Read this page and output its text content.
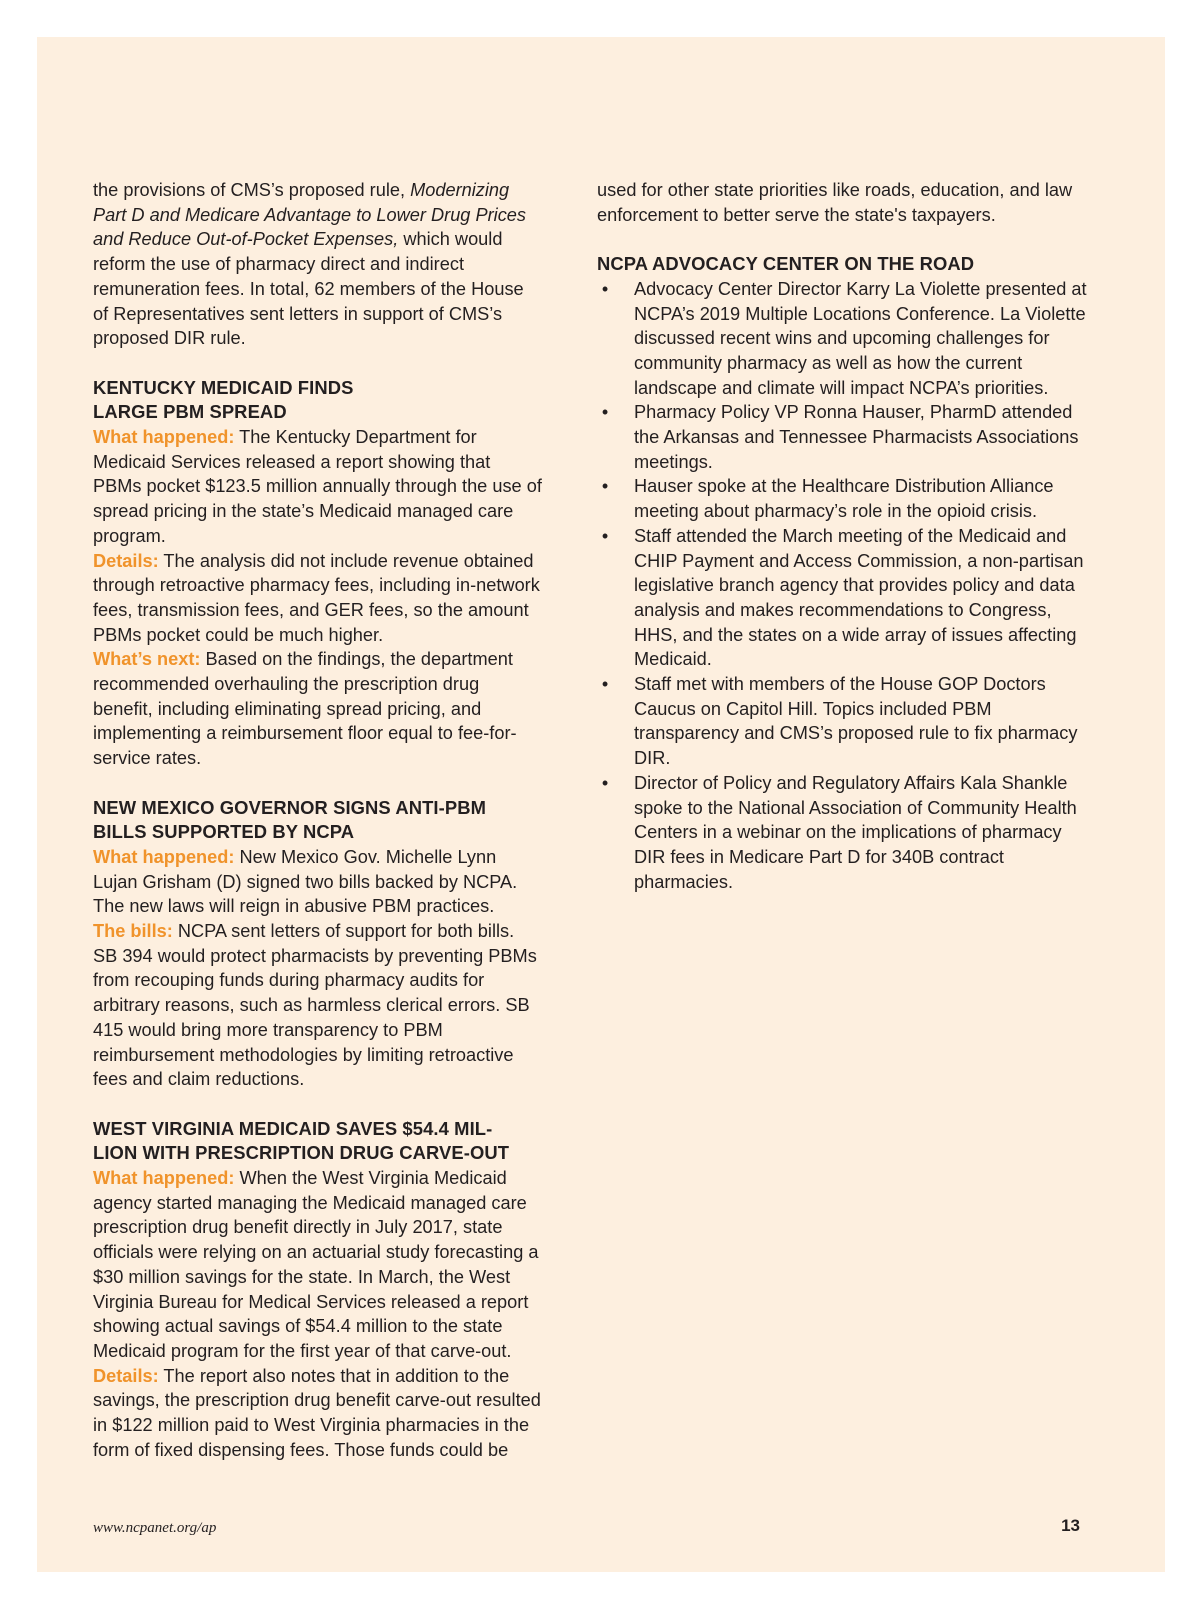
the provisions of CMS’s proposed rule, Modernizing Part D and Medicare Advantage to Lower Drug Prices and Reduce Out-of-Pocket Expenses, which would reform the use of pharmacy direct and indirect remuneration fees. In total, 62 members of the House of Representatives sent letters in support of CMS’s proposed DIR rule.

KENTUCKY MEDICAID FINDS
LARGE PBM SPREAD

What happened: The Kentucky Department for Medicaid Services released a report showing that PBMs pocket $123.5 million annually through the use of spread pricing in the state’s Medicaid managed care program.

Details: The analysis did not include revenue obtained through retroactive pharmacy fees, including in-network fees, transmission fees, and GER fees, so the amount PBMs pocket could be much higher.

What’s next: Based on the findings, the department recommended overhauling the prescription drug benefit, including eliminating spread pricing, and implementing a reimbursement floor equal to fee-for-service rates.

NEW MEXICO GOVERNOR SIGNS ANTI-PBM
BILLS SUPPORTED BY NCPA

What happened: New Mexico Gov. Michelle Lynn Lujan Grisham (D) signed two bills backed by NCPA. The new laws will reign in abusive PBM practices.

The bills: NCPA sent letters of support for both bills. SB 394 would protect pharmacists by preventing PBMs from recouping funds during pharmacy audits for arbitrary reasons, such as harmless clerical errors. SB 415 would bring more transparency to PBM reimbursement methodologies by limiting retroactive fees and claim reductions.

WEST VIRGINIA MEDICAID SAVES $54.4 MIL-
LION WITH PRESCRIPTION DRUG CARVE-OUT

What happened: When the West Virginia Medicaid agency started managing the Medicaid managed care prescription drug benefit directly in July 2017, state officials were relying on an actuarial study forecasting a $30 million savings for the state. In March, the West Virginia Bureau for Medical Services released a report showing actual savings of $54.4 million to the state Medicaid program for the first year of that carve-out.

Details: The report also notes that in addition to the savings, the prescription drug benefit carve-out resulted in $122 million paid to West Virginia pharmacies in the form of fixed dispensing fees. Those funds could be

used for other state priorities like roads, education, and law enforcement to better serve the state's taxpayers.

NCPA ADVOCACY CENTER ON THE ROAD
• Advocacy Center Director Karry La Violette presented at NCPA’s 2019 Multiple Locations Conference. La Violette discussed recent wins and upcoming challenges for community pharmacy as well as how the current landscape and climate will impact NCPA’s priorities.
• Pharmacy Policy VP Ronna Hauser, PharmD attended the Arkansas and Tennessee Pharmacists Associations meetings.
• Hauser spoke at the Healthcare Distribution Alliance meeting about pharmacy’s role in the opioid crisis.
• Staff attended the March meeting of the Medicaid and CHIP Payment and Access Commission, a non-partisan legislative branch agency that provides policy and data analysis and makes recommendations to Congress, HHS, and the states on a wide array of issues affecting Medicaid.
• Staff met with members of the House GOP Doctors Caucus on Capitol Hill. Topics included PBM transparency and CMS’s proposed rule to fix pharmacy DIR.
• Director of Policy and Regulatory Affairs Kala Shankle spoke to the National Association of Community Health Centers in a webinar on the implications of pharmacy DIR fees in Medicare Part D for 340B contract pharmacies.
www.ncpanet.org/ap	13
